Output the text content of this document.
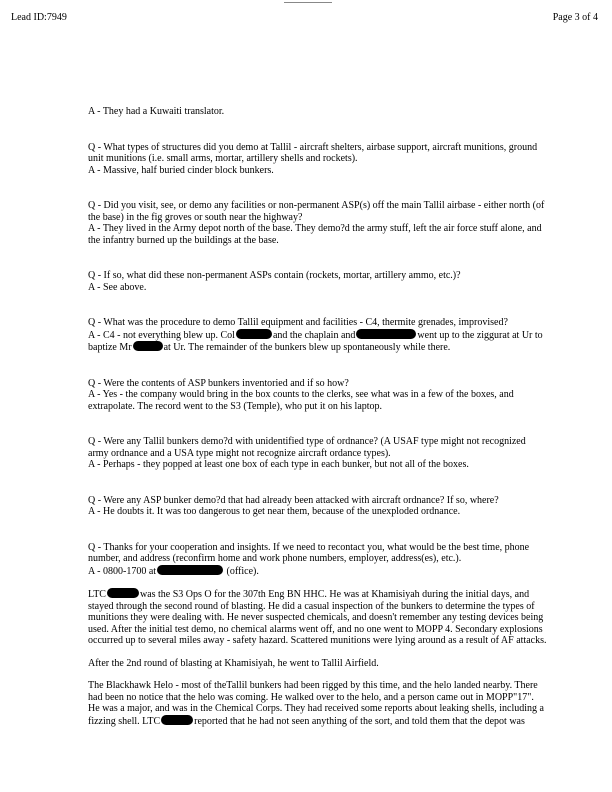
Lead ID:7949	Page 3 of 4
A - They had a Kuwaiti translator.
Q - What types of structures did you demo at Tallil - aircraft shelters, airbase support, aircraft munitions, ground
unit munitions (i.e. small arms, mortar, artillery shells and rockets).
A - Massive, half buried cinder block bunkers.
Q - Did you visit, see, or demo any facilities or non-permanent ASP(s) off the main Tallil airbase - either north (of
the base) in the fig groves or south near the highway?
A - They lived in the Army depot north of the base. They demo?d the army stuff, left the air force stuff alone, and
the infantry burned up the buildings at the base.
Q - If so, what did these non-permanent ASPs contain (rockets, mortar, artillery ammo, etc.)?
A - See above.
Q - What was the procedure to demo Tallil equipment and facilities - C4, thermite grenades, improvised?
A - C4 - not everything blew up. Col	and the chaplain and	went up to the ziggurat at Ur to
baptize Mr	at Ur. The remainder of the bunkers blew up spontaneously while there.
Q - Were the contents of ASP bunkers inventoried and if so how?
A - Yes - the company would bring in the box counts to the clerks, see what was in a few of the boxes, and
extrapolate. The record went to the S3 (Temple), who put it on his laptop.
Q - Were any Tallil bunkers demo?d with unidentified type of ordnance? (A USAF type might not recognized
army ordnance and a USA type might not recognize aircraft ordance types).
A - Perhaps - they popped at least one box of each type in each bunker, but not all of the boxes.
Q - Were any ASP bunker demo?d that had already been attacked with aircraft ordnance? If so, where?
A - He doubts it. It was too dangerous to get near them, because of the unexploded ordnance.
Q - Thanks for your cooperation and insights. If we need to recontact you, what would be the best time, phone
number, and address (reconfirm home and work phone numbers, employer, address(es), etc.).
A - 0800-1700 at	(office).
LTC	was the S3 Ops O for the 307th Eng BN HHC. He was at Khamisiyah during the initial days, and
stayed through the second round of blasting. He did a casual inspection of the bunkers to determine the types of
munitions they were dealing with. He never suspected chemicals, and doesn't remember any testing devices being
used. After the initial test demo, no chemical alarms went off, and no one went to MOPP 4. Secondary explosions
occurred up to several miles away - safety hazard. Scattered munitions were lying around as a result of AF attacks.
After the 2nd round of blasting at Khamisiyah, he went to Tallil Airfield.
The Blackhawk Helo - most of theTallil bunkers had been rigged by this time, and the helo landed nearby. There
had been no notice that the helo was coming. He walked over to the helo, and a person came out in MOPP"17".
He was a major, and was in the Chemical Corps. They had received some reports about leaking shells, including a
fizzing shell. LTC	reported that he had not seen anything of the sort, and told them that the depot was
